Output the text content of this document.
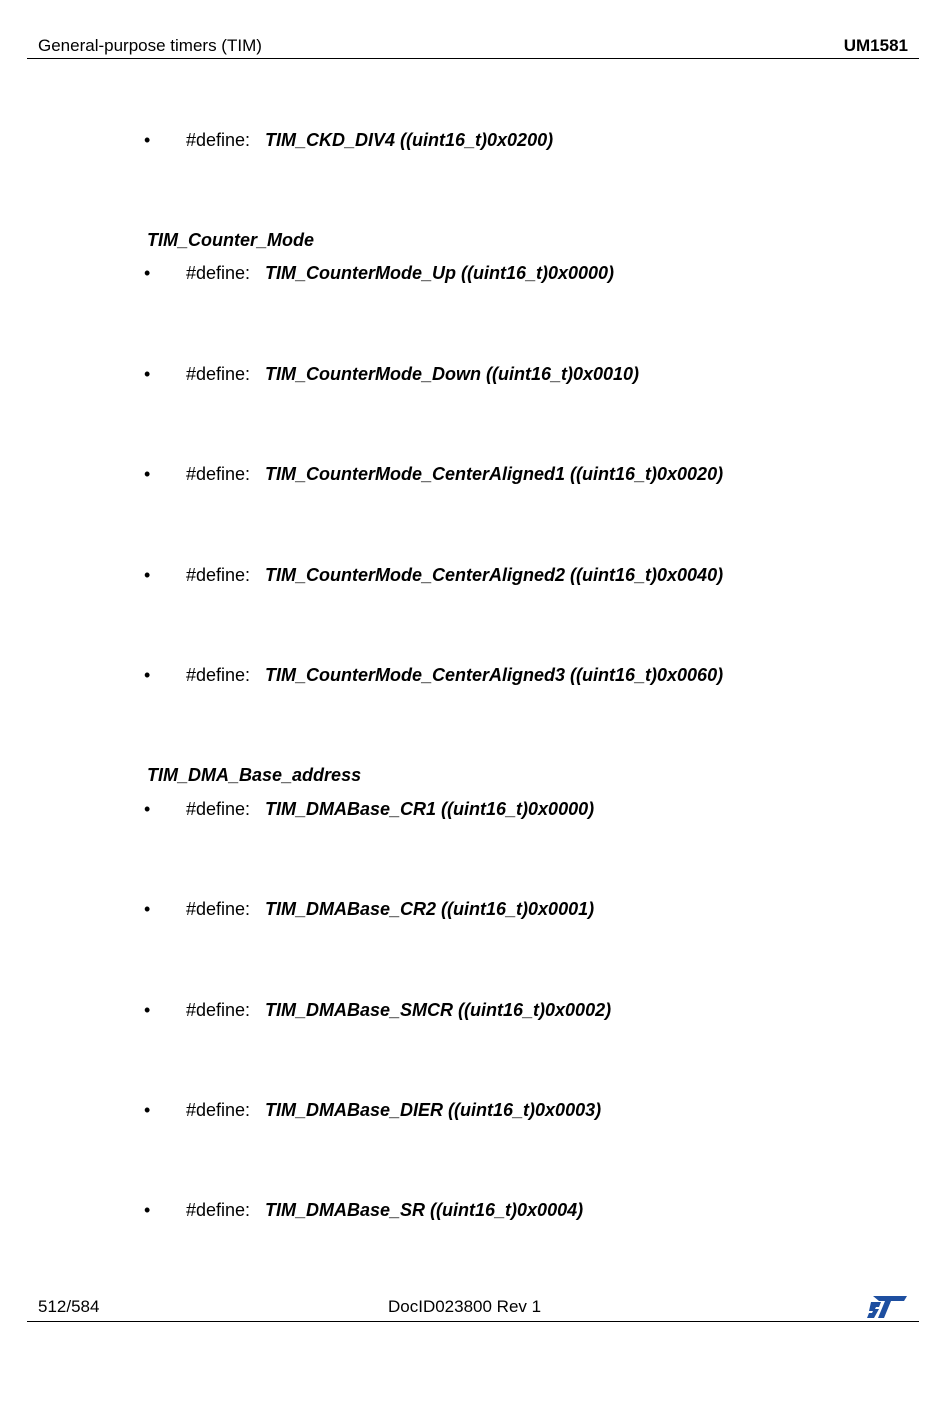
General-purpose timers (TIM)	UM1581
•	#define: TIM_CKD_DIV4 ((uint16_t)0x0200)
TIM_Counter_Mode
•	#define: TIM_CounterMode_Up ((uint16_t)0x0000)
•	#define: TIM_CounterMode_Down ((uint16_t)0x0010)
•	#define: TIM_CounterMode_CenterAligned1 ((uint16_t)0x0020)
•	#define: TIM_CounterMode_CenterAligned2 ((uint16_t)0x0040)
•	#define: TIM_CounterMode_CenterAligned3 ((uint16_t)0x0060)
TIM_DMA_Base_address
•	#define: TIM_DMABase_CR1 ((uint16_t)0x0000)
•	#define: TIM_DMABase_CR2 ((uint16_t)0x0001)
•	#define: TIM_DMABase_SMCR ((uint16_t)0x0002)
•	#define: TIM_DMABase_DIER ((uint16_t)0x0003)
•	#define: TIM_DMABase_SR ((uint16_t)0x0004)
512/584	DocID023800 Rev 1
